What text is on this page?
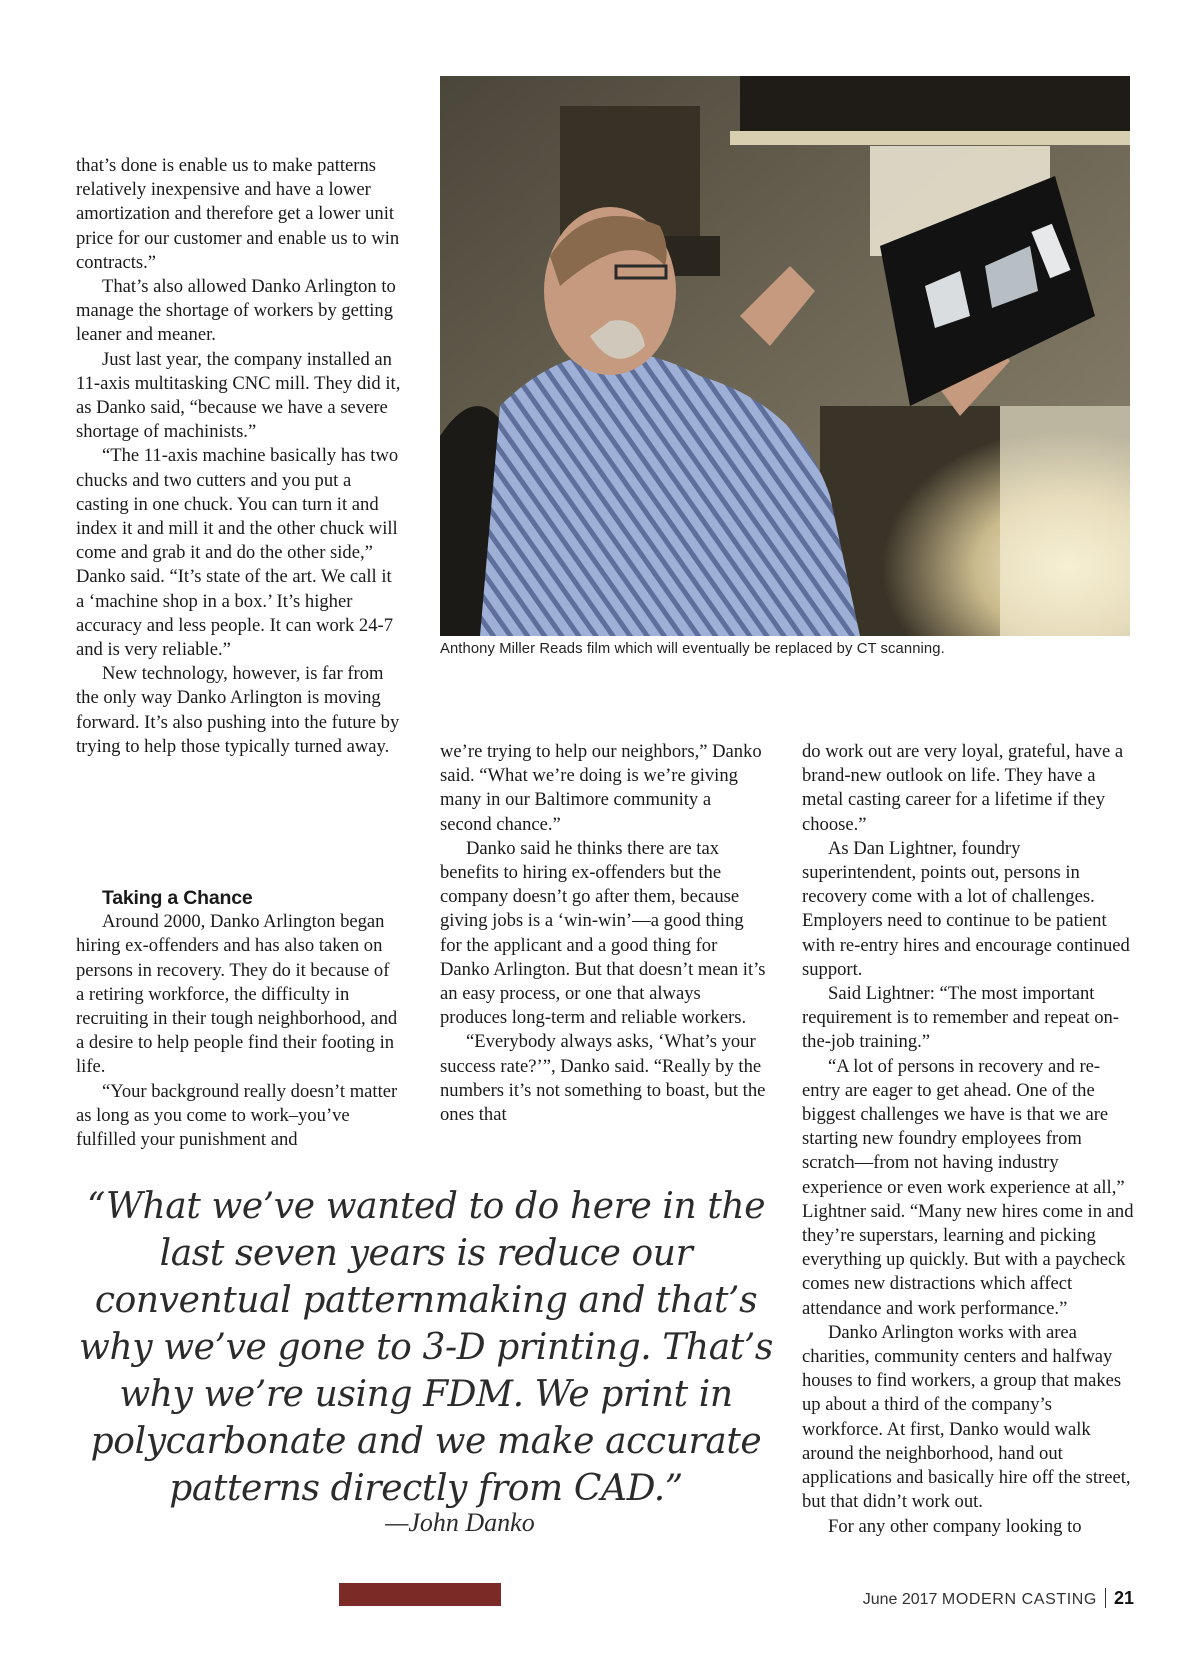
that’s done is enable us to make patterns relatively inexpensive and have a lower amortization and therefore get a lower unit price for our customer and enable us to win contracts.”

That’s also allowed Danko Arlington to manage the shortage of workers by getting leaner and meaner.

Just last year, the company installed an 11-axis multitasking CNC mill. They did it, as Danko said, “because we have a severe shortage of machinists.”

“The 11-axis machine basically has two chucks and two cutters and you put a casting in one chuck. You can turn it and index it and mill it and the other chuck will come and grab it and do the other side,” Danko said. “It’s state of the art. We call it a ‘machine shop in a box.’ It’s higher accuracy and less people. It can work 24-7 and is very reliable.”

New technology, however, is far from the only way Danko Arlington is moving forward. It’s also pushing into the future by trying to help those typically turned away.

Taking a Chance

Around 2000, Danko Arlington began hiring ex-offenders and has also taken on persons in recovery. They do it because of a retiring workforce, the difficulty in recruiting in their tough neighborhood, and a desire to help people find their footing in life.

“Your background really doesn’t matter as long as you come to work–you’ve fulfilled your punishment and

Anthony Miller Reads film which will eventually be replaced by CT scanning.

we’re trying to help our neighbors,” Danko said. “What we’re doing is we’re giving many in our Baltimore community a second chance.”

Danko said he thinks there are tax benefits to hiring ex-offenders but the company doesn’t go after them, because giving jobs is a ‘win-win’—a good thing for the applicant and a good thing for Danko Arlington. But that doesn’t mean it’s an easy process, or one that always produces long-term and reliable workers.

“Everybody always asks, ‘What’s your success rate?’”, Danko said. “Really by the numbers it’s not something to boast, but the ones that

do work out are very loyal, grateful, have a brand-new outlook on life. They have a metal casting career for a lifetime if they choose.”

As Dan Lightner, foundry superintendent, points out, persons in recovery come with a lot of challenges. Employers need to continue to be patient with re-entry hires and encourage continued support.

Said Lightner: “The most important requirement is to remember and repeat on-the-job training.”

“A lot of persons in recovery and re-entry are eager to get ahead. One of the biggest challenges we have is that we are starting new foundry employees from scratch—from not having industry experience or even work experience at all,” Lightner said. “Many new hires come in and they’re superstars, learning and picking everything up quickly. But with a paycheck comes new distractions which affect attendance and work performance.”

Danko Arlington works with area charities, community centers and halfway houses to find workers, a group that makes up about a third of the company’s workforce. At first, Danko would walk around the neighborhood, hand out applications and basically hire off the street, but that didn’t work out.

For any other company looking to

“What we’ve wanted to do here in the last seven years is reduce our conventual patternmaking and that’s why we’ve gone to 3-D printing. That’s why we’re using FDM. We print in polycarbonate and we make accurate patterns directly from CAD.”
—John Danko
June 2017 MODERN CASTING 21
